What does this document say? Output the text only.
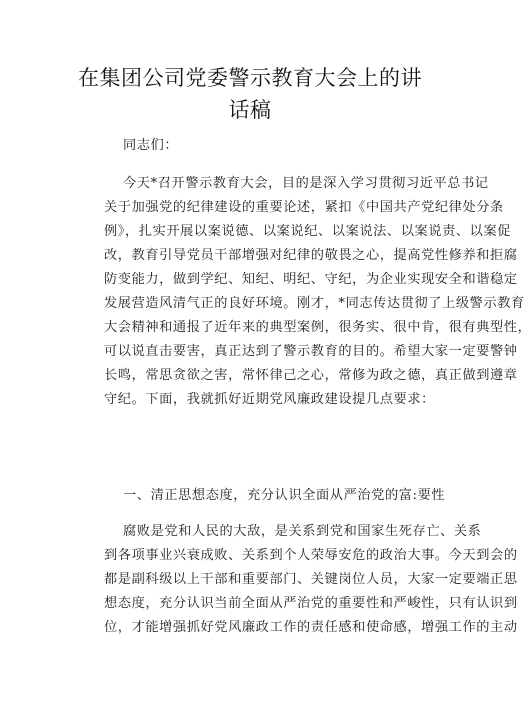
在集团公司党委警示教育大会上的讲
话稿
同志们：
今天*召开警示教育大会，目的是深入学习贯彻习近平总书记
关于加强党的纪律建设的重要论述，紧扣《中国共产党纪律处分条
例》，扎实开展以案说德、以案说纪、以案说法、以案说责、以案促
改，教育引导党员干部增强对纪律的敬畏之心，提高党性修养和拒腐
防变能力，做到学纪、知纪、明纪、守纪，为企业实现安全和谐稳定
发展营造风清气正的良好环境。刚才，*同志传达贯彻了上级警示教育
大会精神和通报了近年来的典型案例，很务实、很中肯，很有典型性，
可以说直击要害，真正达到了警示教育的目的。希望大家一定要警钟
长鸣，常思贪欲之害，常怀律己之心，常修为政之德，真正做到遵章
守纪。下面，我就抓好近期党风廉政建设提几点要求：
一、清正思想态度，充分认识全面从严治党的富:要性
腐败是党和人民的大敌，是关系到党和国家生死存亡、关系
到各项事业兴衰成败、关系到个人荣辱安危的政治大事。今天到会的
都是副科级以上干部和重要部门、关键岗位人员，大家一定要端正思
想态度，充分认识当前全面从严治党的重要性和严峻性，只有认识到
位，才能增强抓好党风廉政工作的责任感和使命感，增强工作的主动
